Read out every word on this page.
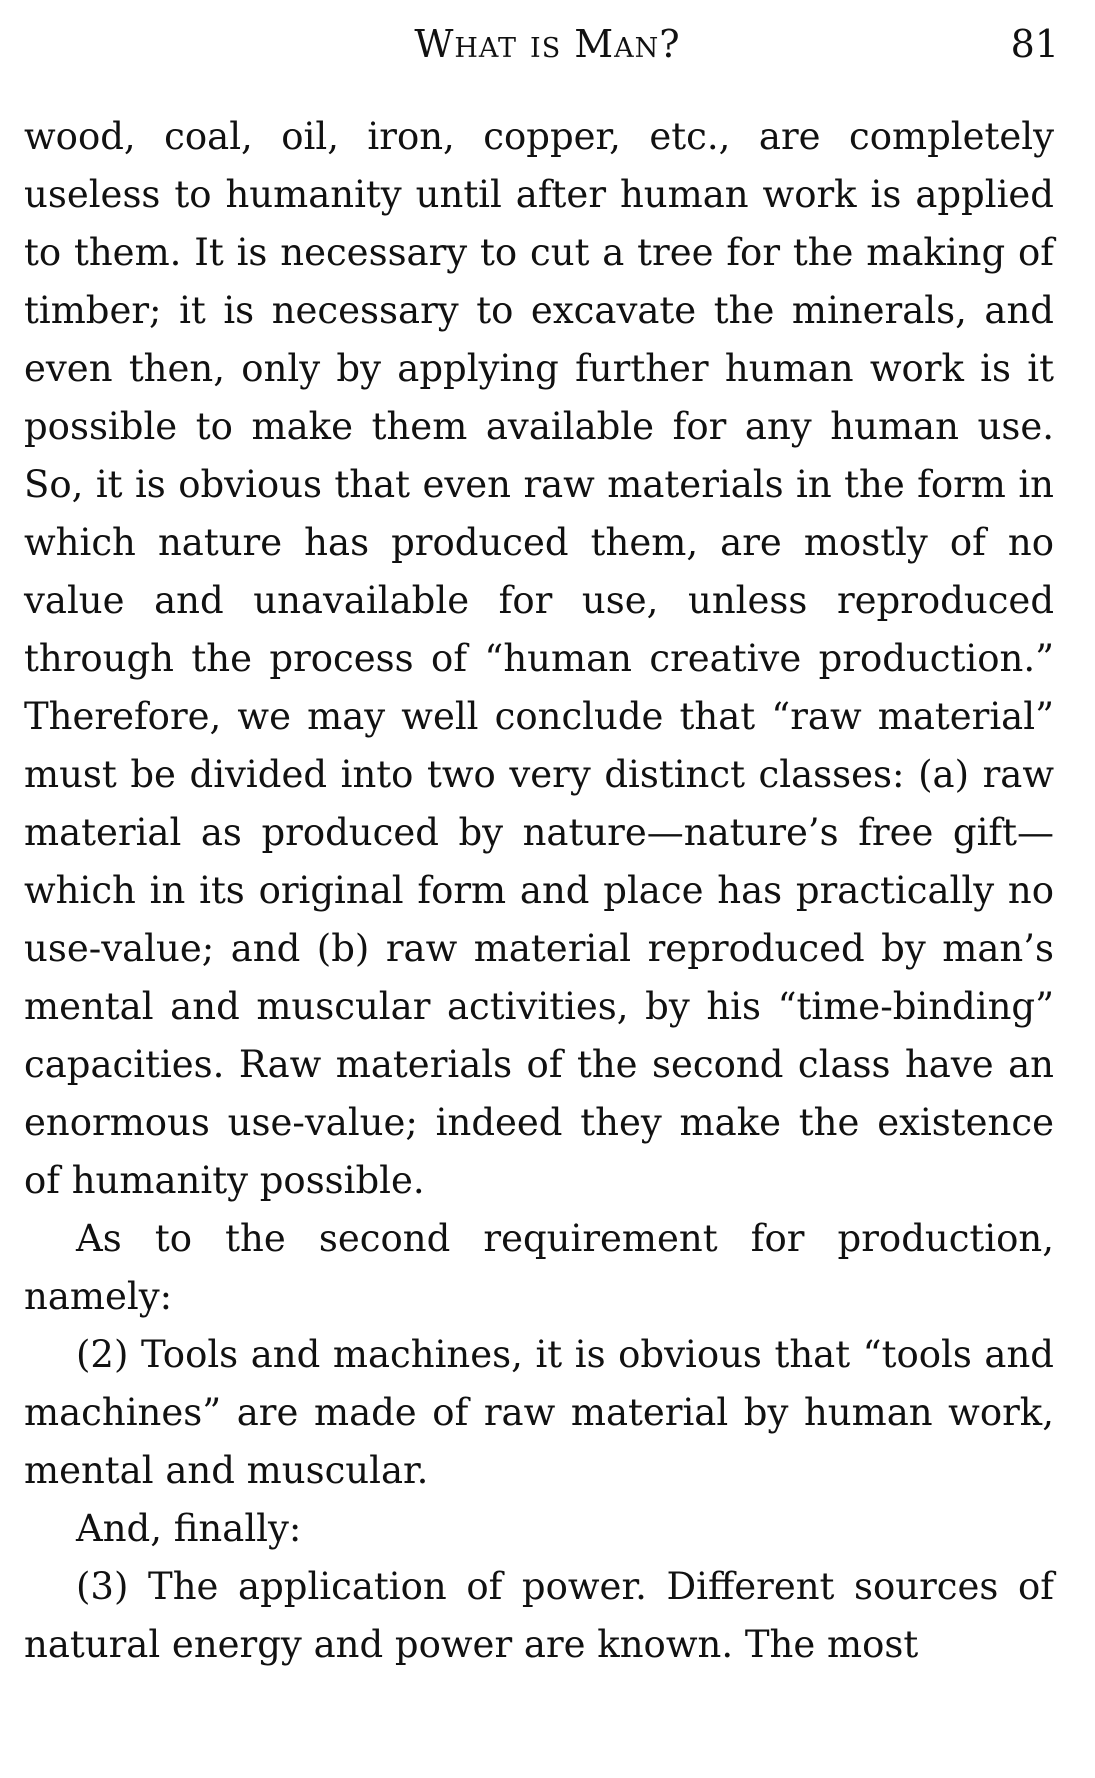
What is Man?	81

wood, coal, oil, iron, copper, etc., are completely useless to humanity until after human work is applied to them. It is necessary to cut a tree for the making of timber; it is necessary to excavate the minerals, and even then, only by applying further human work is it possible to make them available for any human use. So, it is obvious that even raw materials in the form in which nature has produced them, are mostly of no value and unavailable for use, unless reproduced through the process of “human creative production.” Therefore, we may well conclude that “raw material” must be divided into two very distinct classes: (a) raw material as produced by nature—nature’s free gift—which in its original form and place has practically no use-value; and (b) raw material reproduced by man’s mental and muscular activities, by his “time-binding” capacities. Raw materials of the second class have an enormous use-value; indeed they make the existence of humanity possible.

As to the second requirement for production, namely:

(2) Tools and machines, it is obvious that “tools and machines” are made of raw material by human work, mental and muscular.

And, finally:

(3) The application of power. Different sources of natural energy and power are known. The most
